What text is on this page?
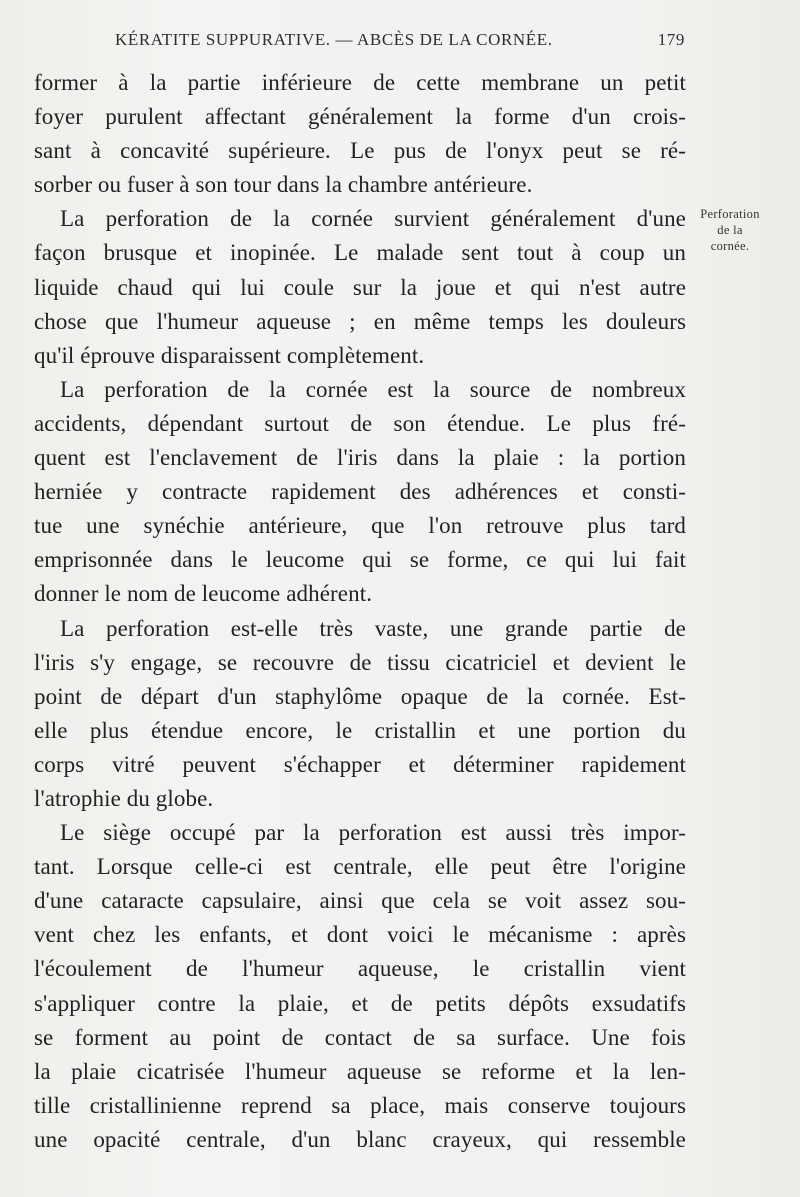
KÉRATITE SUPPURATIVE. — ABCÈS DE LA CORNÉE.	179
Perforation
de la
cornée.
former à la partie inférieure de cette membrane un petit
foyer purulent affectant généralement la forme d'un crois-
sant à concavité supérieure. Le pus de l'onyx peut se ré-
sorber ou fuser à son tour dans la chambre antérieure.
La perforation de la cornée survient généralement d'une
façon brusque et inopinée. Le malade sent tout à coup un
liquide chaud qui lui coule sur la joue et qui n'est autre
chose que l'humeur aqueuse ; en même temps les douleurs
qu'il éprouve disparaissent complètement.
La perforation de la cornée est la source de nombreux
accidents, dépendant surtout de son étendue. Le plus fré-
quent est l'enclavement de l'iris dans la plaie : la portion
herniée y contracte rapidement des adhérences et consti-
tue une synéchie antérieure, que l'on retrouve plus tard
emprisonnée dans le leucome qui se forme, ce qui lui fait
donner le nom de leucome adhérent.
La perforation est-elle très vaste, une grande partie de
l'iris s'y engage, se recouvre de tissu cicatriciel et devient le
point de départ d'un staphylôme opaque de la cornée. Est-
elle plus étendue encore, le cristallin et une portion du
corps vitré peuvent s'échapper et déterminer rapidement
l'atrophie du globe.
Le siège occupé par la perforation est aussi très impor-
tant. Lorsque celle-ci est centrale, elle peut être l'origine
d'une cataracte capsulaire, ainsi que cela se voit assez sou-
vent chez les enfants, et dont voici le mécanisme : après
l'écoulement de l'humeur aqueuse, le cristallin vient
s'appliquer contre la plaie, et de petits dépôts exsudatifs
se forment au point de contact de sa surface. Une fois
la plaie cicatrisée l'humeur aqueuse se reforme et la len-
tille cristallinienne reprend sa place, mais conserve toujours
une opacité centrale, d'un blanc crayeux, qui ressemble
